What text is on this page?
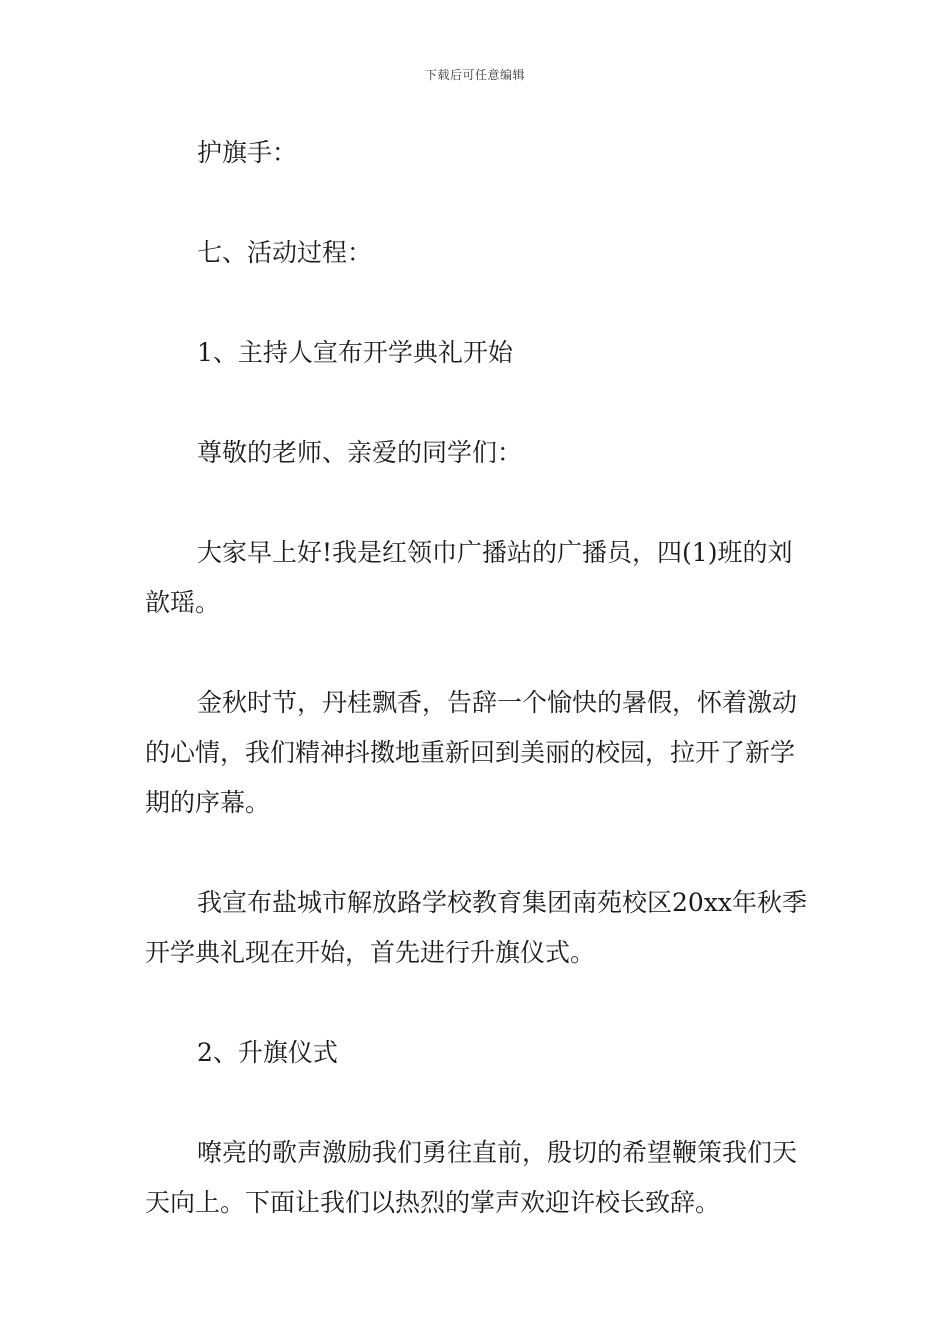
下载后可任意编辑

护旗手：

七、活动过程：

1、主持人宣布开学典礼开始

尊敬的老师、亲爱的同学们：

大家早上好!我是红领巾广播站的广播员，四(1)班的刘歆瑶。

金秋时节，丹桂飘香，告辞一个愉快的暑假，怀着激动的心情，我们精神抖擞地重新回到美丽的校园，拉开了新学期的序幕。

我宣布盐城市解放路学校教育集团南苑校区20xx年秋季开学典礼现在开始，首先进行升旗仪式。

2、升旗仪式

嘹亮的歌声激励我们勇往直前，殷切的希望鞭策我们天天向上。下面让我们以热烈的掌声欢迎许校长致辞。
